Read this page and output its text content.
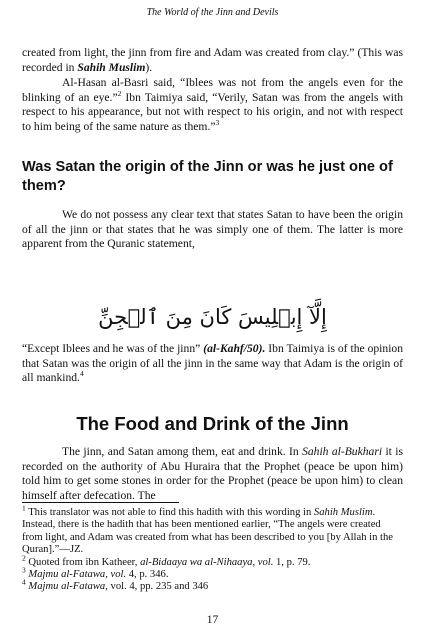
The World of the Jinn and Devils

created from light, the jinn from fire and Adam was created from clay.” (This was recorded in Sahih Muslim).

Al-Hasan al-Basri said, “Iblees was not from the angels even for the blinking of an eye.”$^2$ Ibn Taimiya said, “Verily, Satan was from the angels with respect to his appearance, but not with respect to his origin, and not with respect to him being of the same nature as them.”$^3$

Was Satan the origin of the Jinn or was he just one of them?

We do not possess any clear text that states Satan to have been the origin of all the jinn or that states that he was simply one of them. The latter is more apparent from the Quranic statement,

إِلَّآ إِبۡلِيسَ كَانَ مِنَ ٱلۡجِنِّ

“Except Iblees and he was of the jinn” (al-Kahf/50). Ibn Taimiya is of the opinion that Satan was the origin of all the jinn in the same way that Adam is the origin of all mankind.$^4$

The Food and Drink of the Jinn

The jinn, and Satan among them, eat and drink. In Sahih al-Bukhari it is recorded on the authority of Abu Huraira that the Prophet (peace be upon him) told him to get some stones in order for the Prophet (peace be upon him) to clean himself after defecation. The

$^1$ This translator was not able to find this hadith with this wording in Sahih Muslim. Instead, there is the hadith that has been mentioned earlier, “The angels were created from light, and Adam was created from what has been described to you [by Allah in the Quran].”—JZ.

$^2$ Quoted from ibn Katheer, al-Bidaaya wa al-Nihaaya, vol. 1, p. 79.

$^3$ Majmu al-Fatawa, vol. 4, p. 346.

$^4$ Majmu al-Fatawa, vol. 4, pp. 235 and 346

17
